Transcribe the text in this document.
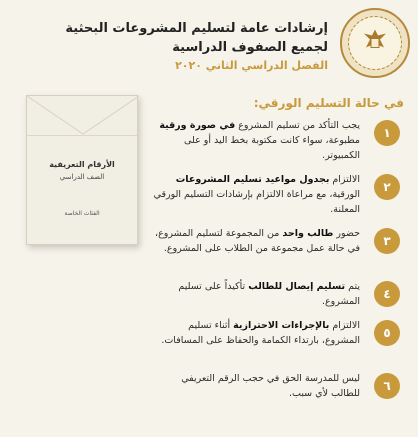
إرشادات عامة لتسليم المشروعات البحثية
لجميع الصفوف الدراسية
الفصل الدراسي الثاني ٢٠٢٠
في حالة التسليم الورقي:
الأرقام التعريفية
الصف الدراسي
الفئات الخاصة
١
يجب التأكد من تسليم المشروع في صورة ورقية مطبوعة، سواء كانت مكتوبة بخط اليد أو على الكمبيوتر.
٢
الالتزام بجدول مواعيد تسليم المشروعات الورقية، مع مراعاة الالتزام بإرشادات التسليم الورقي المعلنة.
٣
حضور طالب واحد من المجموعة لتسليم المشروع، في حالة عمل مجموعة من الطلاب على المشروع.
٤
يتم تسليم إيصال للطالب تأكيداً على تسليم المشروع.
٥
الالتزام بالإجراءات الاحترازية أثناء تسليم المشروع، بارتداء الكمامة والحفاظ على المسافات.
٦
ليس للمدرسة الحق في حجب الرقم التعريفي للطالب لأي سبب.
